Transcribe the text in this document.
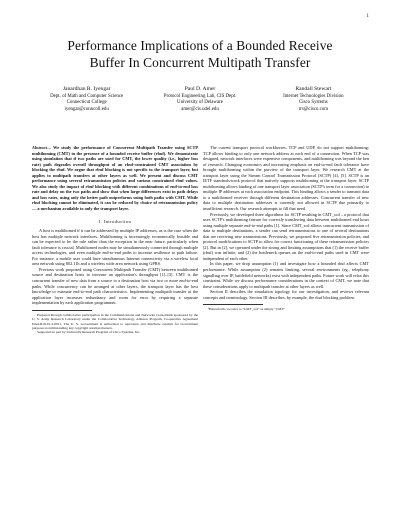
1
Performance Implications of a Bounded Receive
Buffer In Concurrent Multipath Transfer
Janardhan R. Iyengar
Dept. of Math and Computer Science
Connecticut College
iyengar@conncoll.edu
Paul D. Amer
Protocol Engineering Lab, CIS Dept.
University of Delaware
amer@cis.udel.edu
Randall Stewart
Internet Technologies Division
Cisco Systems
rrs@cisco.com

Abstract— We study the performance of Concurrent Multipath Transfer using SCTP multihoming (CMT) in the presence of a bounded receive buffer (rbuf). We demonstrate using simulation that if two paths are used for CMT, the lower quality (i.e., higher loss rate) path degrades overall throughput of an rbuf-constrained CMT association by blocking the rbuf. We argue that rbuf blocking is not specific to the transport layer, but applies to multipath transfers at other layers as well. We present and discuss CMT performance using several retransmission policies and various constrained rbuf values. We also study the impact of rbuf blocking with different combinations of end-to-end loss rate and delay on the two paths and show that when large differences exist in path delays and loss rates, using only the better path outperforms using both paths with CMT. While rbuf blocking cannot be eliminated, it can be reduced by choice of retransmission policy — a mechanism available to only the transport layer.

I. Introduction

A host is multihomed if it can be addressed by multiple IP addresses, as is the case when the host has multiple network interfaces. Multihoming is increasingly economically feasible and can be expected to be the rule rather than the exception in the near future, particularly when fault tolerance is crucial. Multihomed nodes may be simultaneously connected through multiple access technologies, and even multiple end-to-end paths to increase resilience to path failure. For instance, a mobile user could have simultaneous Internet connectivity via a wireless local area network using 802.11b and a wireless wide area network using GPRS.

Previous work proposed using Concurrent Multipath Transfer (CMT) between multihomed source and destination hosts to increase an application's throughput [1]–[3]. CMT is the concurrent transfer of new data from a source to a destination host via two or more end-to-end paths. While concurrency can be arranged at other layers, the transport layer has the best knowledge to estimate end-to-end path characteristics. Implementing multipath transfer at the application layer increases redundancy and room for error by requiring a separate implementation by each application programmer.

Prepared through collaborative participation in the Communications and Networks Consortium sponsored by the U. S. Army Research Laboratory under the Collaborative Technology Alliance Program, Cooperative Agreement DAAD19-01-2-0011. The U. S. Government is authorized to reproduce and distribute reprints for Government purposes notwithstanding any copyright notation thereon.

Supported in part by University Research Program of Cisco Systems, Inc.

The current transport protocol workhorses, TCP and UDP, do not support multihoming; TCP allows binding to only one network address at each end of a connection. When TCP was designed, network interfaces were expensive components, and multihoming was beyond the ken of research. Changing economics and increasing emphasis on end-to-end fault tolerance have brought multihoming within the purview of the transport layer. We research CMT at the transport layer using the Stream Control Transmission Protocol (SCTP) [4], [5]. SCTP is an IETF standards-track protocol that natively supports multihoming at the transport layer. SCTP multihoming allows binding of one transport layer association (SCTP's term for a connection) to multiple IP addresses at each association endpoint. This binding allows a sender to transmit data to a multihomed receiver through different destination addresses. Concurrent transfer of new data to multiple destination addresses is currently not allowed in SCTP due primarily to insufficient research. Our research attempts to fill that need.

Previously, we developed three algorithms for SCTP resulting in CMT_scd – a protocol that uses SCTP's multihoming feature for correctly transferring data between multihomed end hosts using multiple separate end-to-end paths [1]. Since CMT_scd allows concurrent transmission of data to multiple destinations, a sender can send retransmissions to one of several destinations that are receiving new transmissions. Previously, we proposed five retransmission policies, and protocol modifications to SCTP to allow for correct functioning of these retransmission policies [2]. But in [2], we operated under the strong and limiting assumptions that (1) the receive buffer (rbuf) was infinite, and (2) the bottleneck queues on the end-to-end paths used in CMT were independent of each other.

In this paper, we drop assumption (1) and investigate how a bounded rbuf affects CMT performance. While assumption (2) remains limiting, several environments (eg., telephony signalling over IP, battlefield networks) exist with independent paths. Future work will relax this constraint. While we discuss performance considerations in the context of CMT, we note that these considerations apply to multipath transfer at other layers as well.

Section II describes the simulation topology for our investigation, and reviews relevant concepts and terminology. Section III describes, by example, the rbuf blocking problem.

¹Henceforth, we refer to "CMT_scd" as simply "CMT"
